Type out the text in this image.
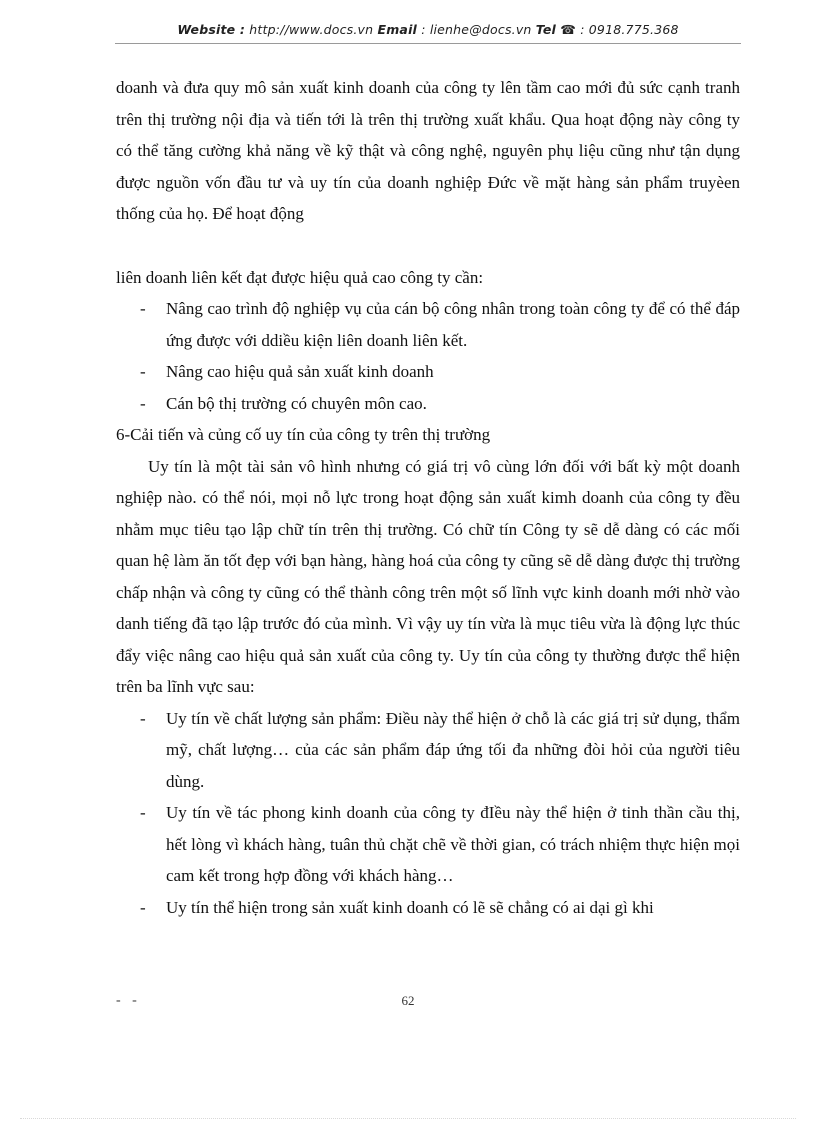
Website : http://www.docs.vn Email : lienhe@docs.vn Tel ☎ : 0918.775.368

doanh và đưa quy mô sản xuất kinh doanh của công ty lên tầm cao mới đủ sức cạnh tranh trên thị trường nội địa và tiến tới là trên thị trường xuất khẩu. Qua hoạt động này công ty có thể tăng cường khả năng về kỹ thật và công nghệ, nguyên phụ liệu cũng như tận dụng được nguồn vốn đầu tư và uy tín của doanh nghiệp Đức về mặt hàng sản phẩm truyèen thống của họ. Để hoạt động

liên doanh liên kết đạt được hiệu quả cao công ty cần:

- Nâng cao trình độ nghiệp vụ của cán bộ công nhân trong toàn công ty để có thể đáp ứng được với ddiều kiện liên doanh liên kết.
- Nâng cao hiệu quả sản xuất kinh doanh
- Cán bộ thị trường có chuyên môn cao.

6-Cải tiến và củng cố uy tín của công ty trên thị trường

Uy tín là một tài sản vô hình nhưng có giá trị vô cùng lớn đối với bất kỳ một doanh nghiệp nào. có thể nói, mọi nỗ lực trong hoạt động sản xuất kimh doanh của công ty đều nhằm mục tiêu tạo lập chữ tín trên thị trường. Có chữ tín Công ty sẽ dễ dàng có các mối quan hệ làm ăn tốt đẹp với bạn hàng, hàng hoá của công ty cũng sẽ dễ dàng được thị trường chấp nhận và công ty cũng có thể thành công trên một số lĩnh vực kinh doanh mới nhờ vào danh tiếng đã tạo lập trước đó của mình. Vì vậy uy tín vừa là mục tiêu vừa là động lực thúc đẩy việc nâng cao hiệu quả sản xuất của công ty. Uy tín của công ty thường được thể hiện trên ba lĩnh vực sau:

- Uy tín về chất lượng sản phẩm: Điều này thể hiện ở chỗ là các giá trị sử dụng, thẩm mỹ, chất lượng… của các sản phẩm đáp ứng tối đa những đòi hỏi của người tiêu dùng.
- Uy tín về tác phong kinh doanh của công ty đIều này thể hiện ở tinh thần cầu thị, hết lòng vì khách hàng, tuân thủ chặt chẽ về thời gian, có trách nhiệm thực hiện mọi cam kết trong hợp đồng với khách hàng…
- Uy tín thể hiện trong sản xuất kinh doanh có lẽ sẽ chẳng có ai dại gì khi
- -	62
